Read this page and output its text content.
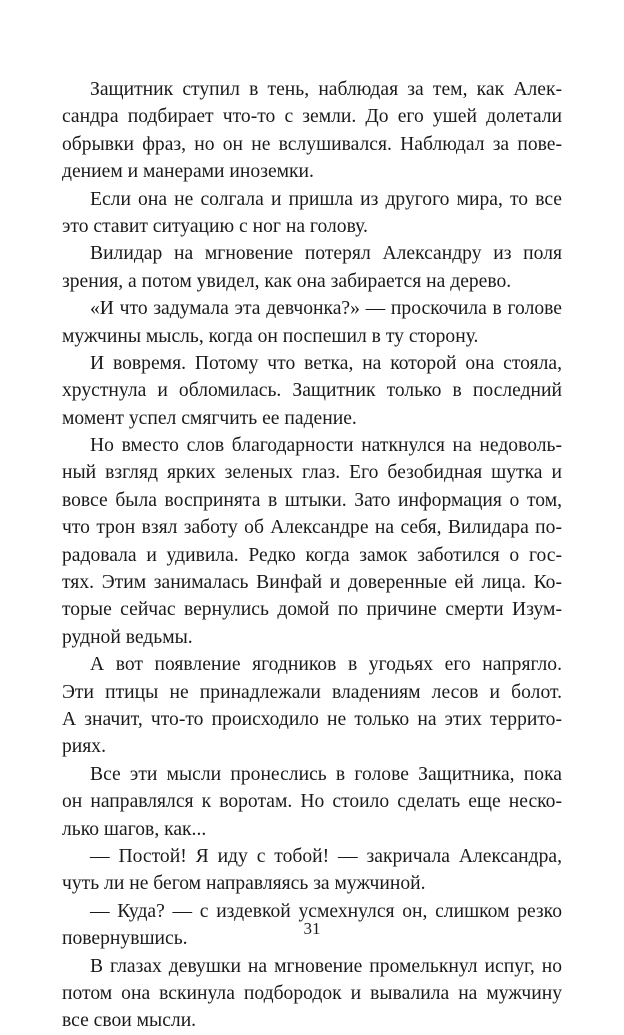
Защитник ступил в тень, наблюдая за тем, как Алек-
сандра подбирает что-то с земли. До его ушей долетали
обрывки фраз, но он не вслушивался. Наблюдал за пове-
дением и манерами иноземки.
Если она не солгала и пришла из другого мира, то все
это ставит ситуацию с ног на голову.
Вилидар на мгновение потерял Александру из поля
зрения, а потом увидел, как она забирается на дерево.
«И что задумала эта девчонка?» — проскочила в голове
мужчины мысль, когда он поспешил в ту сторону.
И вовремя. Потому что ветка, на которой она стояла,
хрустнула и обломилась. Защитник только в последний
момент успел смягчить ее падение.
Но вместо слов благодарности наткнулся на недоволь-
ный взгляд ярких зеленых глаз. Его безобидная шутка и
вовсе была воспринята в штыки. Зато информация о том,
что трон взял заботу об Александре на себя, Вилидара по-
радовала и удивила. Редко когда замок заботился о гос-
тях. Этим занималась Винфай и доверенные ей лица. Ко-
торые сейчас вернулись домой по причине смерти Изум-
рудной ведьмы.
А вот появление ягодников в угодьях его напрягло.
Эти птицы не принадлежали владениям лесов и болот.
А значит, что-то происходило не только на этих террито-
риях.
Все эти мысли пронеслись в голове Защитника, пока
он направлялся к воротам. Но стоило сделать еще неско-
лько шагов, как...
— Постой! Я иду с тобой! — закричала Александра,
чуть ли не бегом направляясь за мужчиной.
— Куда? — с издевкой усмехнулся он, слишком резко
повернувшись.
В глазах девушки на мгновение промелькнул испуг, но
потом она вскинула подбородок и вывалила на мужчину
все свои мысли.
31
